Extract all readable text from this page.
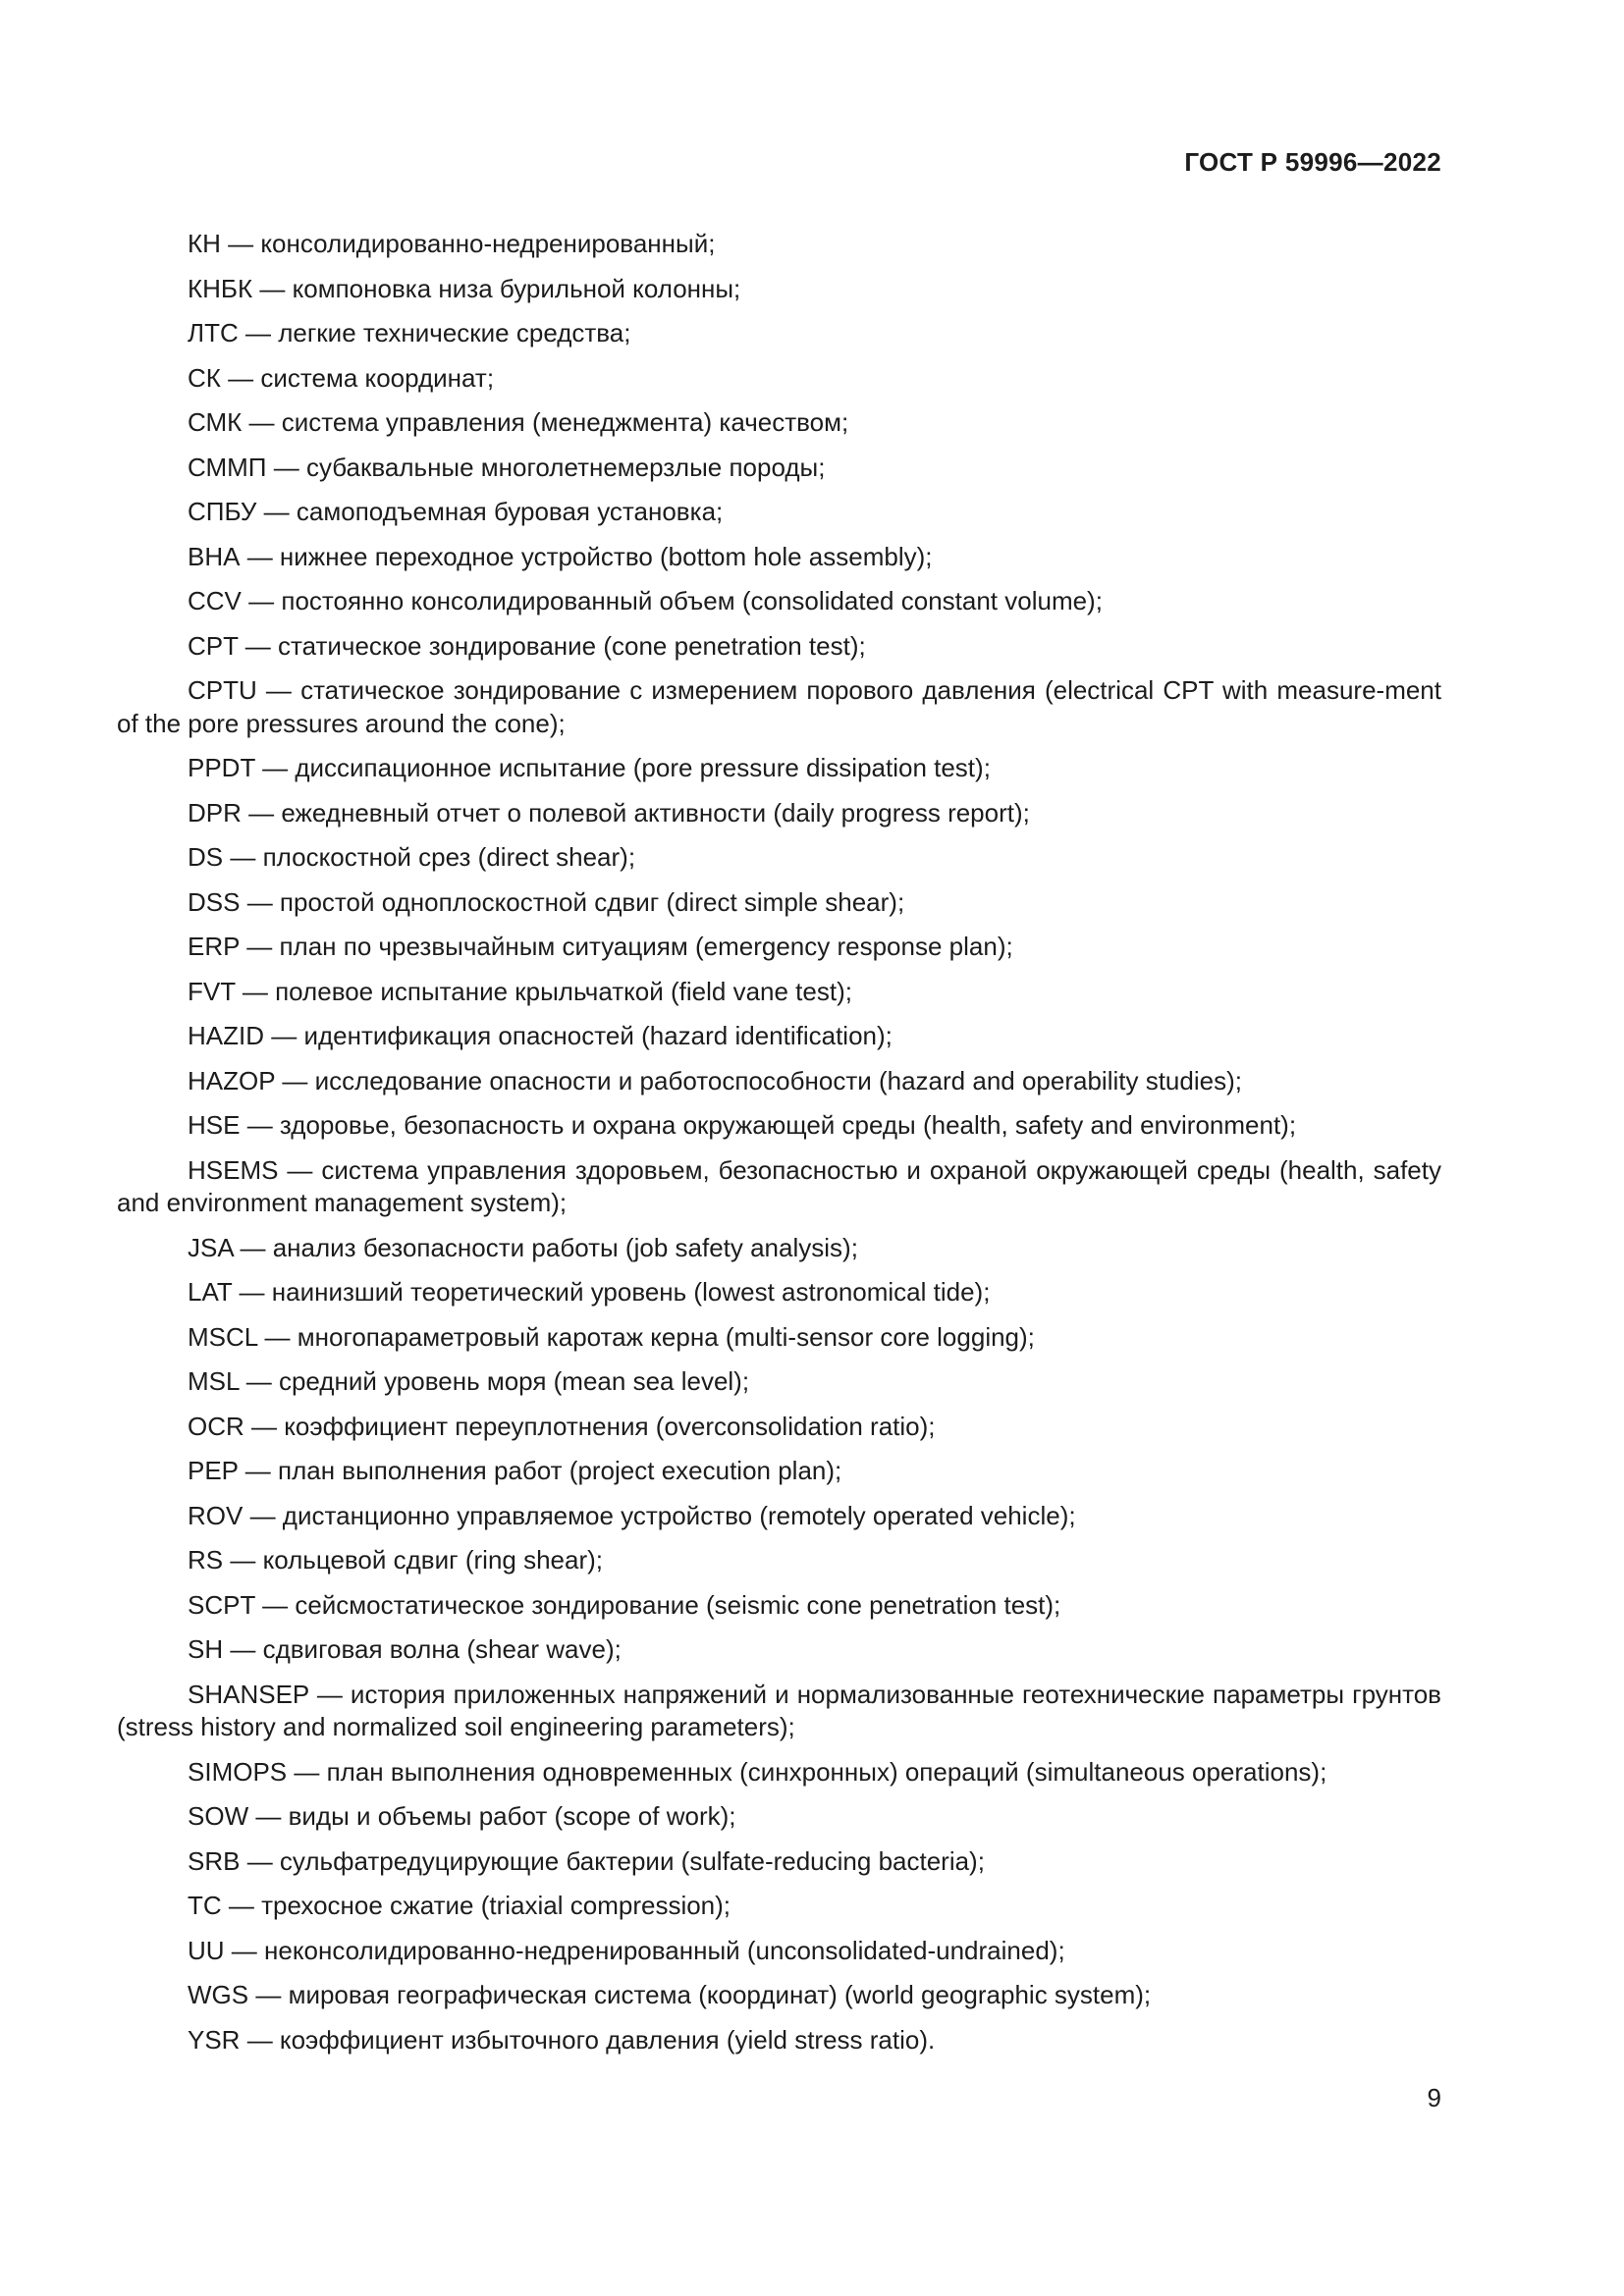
ГОСТ Р 59996—2022

КН — консолидированно-недренированный;
КНБК — компоновка низа бурильной колонны;
ЛТС — легкие технические средства;
СК — система координат;
СМК — система управления (менеджмента) качеством;
СММП — субаквальные многолетнемерзлые породы;
СПБУ — самоподъемная буровая установка;
ВНА — нижнее переходное устройство (bottom hole assembly);
CCV — постоянно консолидированный объем (consolidated constant volume);
CPT — статическое зондирование (cone penetration test);
CPTU — статическое зондирование с измерением порового давления (electrical CPT with measure-ment of the pore pressures around the cone);
PPDT — диссипационное испытание (pore pressure dissipation test);
DPR — ежедневный отчет о полевой активности (daily progress report);
DS — плоскостной срез (direct shear);
DSS — простой одноплоскостной сдвиг (direct simple shear);
ERP — план по чрезвычайным ситуациям (emergency response plan);
FVT — полевое испытание крыльчаткой (field vane test);
HAZID — идентификация опасностей (hazard identification);
HAZOP — исследование опасности и работоспособности (hazard and operability studies);
HSE — здоровье, безопасность и охрана окружающей среды (health, safety and environment);
HSEMS — система управления здоровьем, безопасностью и охраной окружающей среды (health, safety and environment management system);
JSA — анализ безопасности работы (job safety analysis);
LAT — наинизший теоретический уровень (lowest astronomical tide);
MSCL — многопараметровый каротаж керна (multi-sensor core logging);
MSL — средний уровень моря (mean sea level);
OCR — коэффициент переуплотнения (overconsolidation ratio);
PEP — план выполнения работ (project execution plan);
ROV — дистанционно управляемое устройство (remotely operated vehicle);
RS — кольцевой сдвиг (ring shear);
SCPT — сейсмостатическое зондирование (seismic cone penetration test);
SH — сдвиговая волна (shear wave);
SHANSEP — история приложенных напряжений и нормализованные геотехнические параметры грунтов (stress history and normalized soil engineering parameters);
SIMOPS — план выполнения одновременных (синхронных) операций (simultaneous operations);
SOW — виды и объемы работ (scope of work);
SRB — сульфатредуцирующие бактерии (sulfate-reducing bacteria);
TC — трехосное сжатие (triaxial compression);
UU — неконсолидированно-недренированный (unconsolidated-undrained);
WGS — мировая географическая система (координат) (world geographic system);
YSR — коэффициент избыточного давления (yield stress ratio).

9
